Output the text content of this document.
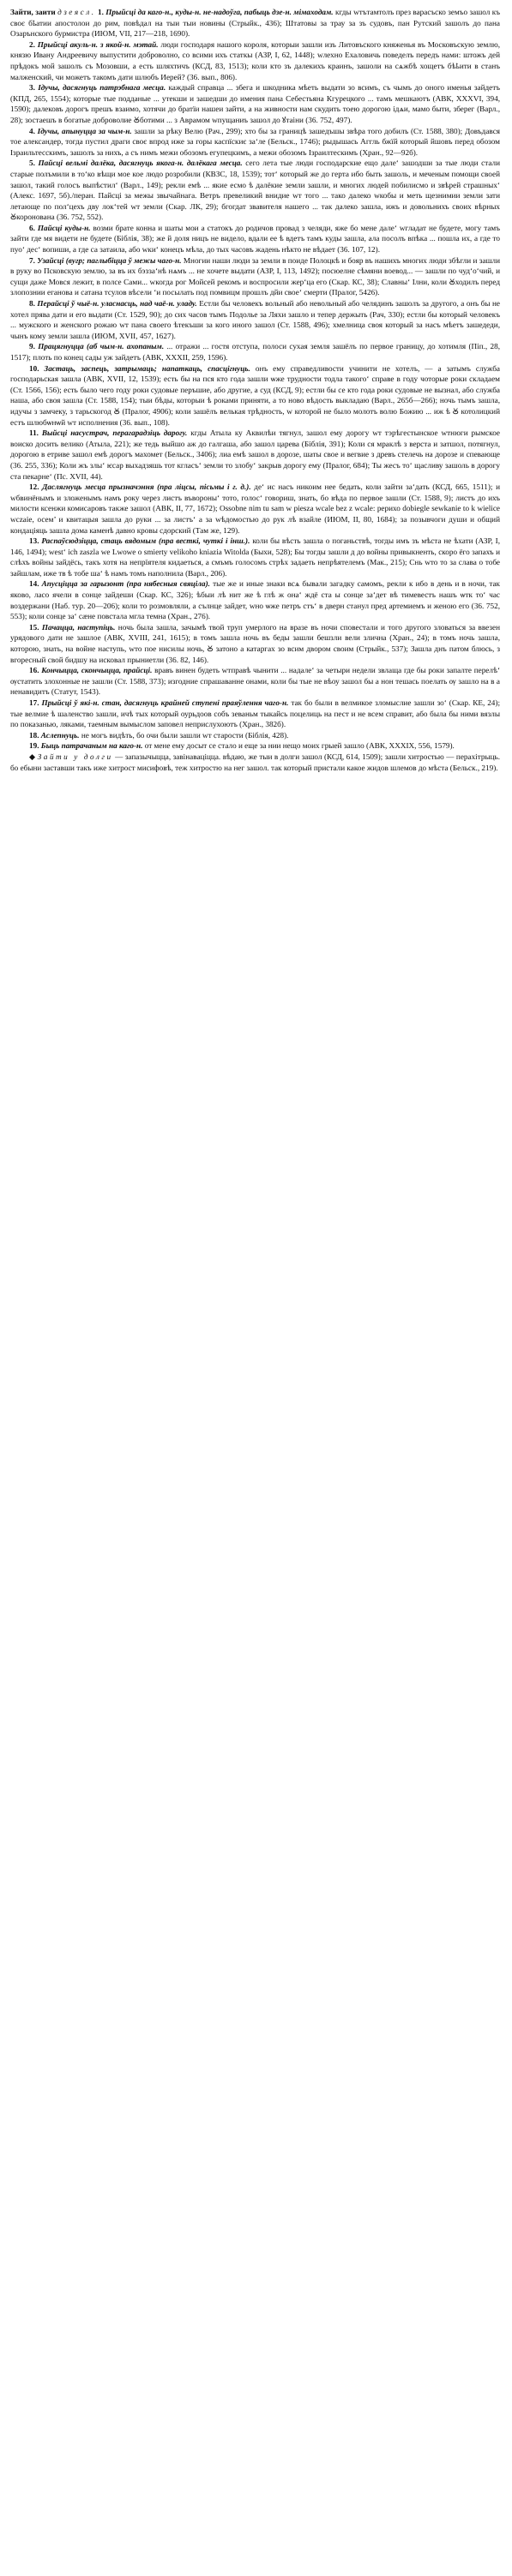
Зайти, заити дзеясл. 1. Прыйсці да каго-н., куды-н. не-надоўга, пабыць дзе-н. мімаходам. кгды wтътамтолъ през варасъско земъо зашол къ своє бҍатии апостолои до рим, повѣдал на тыи тыи новины (Стрыйк., 436); Штатовы за трау за зъ судовъ, пан Рутский зашолъ до пана Озарънского бурмистра (ИЮМ, VII, 217—218, 1690).

2. Прыйсці акуль-н. з якой-н. мэтай. люди господаря нашого короля, которыи зашли изъ Литовъского княженья въ Московъскую землю, князю Ивану Андреевичу выпустити доброволно, со всими ихъ статкы (АЗР, I, 62, 1448); wлехно Ехаловичь поведелъ передъ нами: штожъ дей прѣдокъ мой зашолъ съ Мозовши, а есть шляхтичъ (КСД, 83, 1513); коли кто зъ далекихъ краинъ, зашоли на сѧжбѣ хощетъ бѣҍити в станъ малженский, чи можетъ такомъ дати шлюбъ Иерей? (36. вып., 806).

3. Ідучы, дасягнуць патрэбнага месца. каждый справца ... збега и шкодника мѣеть выдати зо всимъ, съ чымъ до оного именья зайдетъ (КПД, 265, 1554); которые тые подданые ... утекши и зашедши до имения пана Себестьяна Кгурецкого ... тамъ мешкаютъ (АВК, XXXVI, 394, 1590); далековъ дорогъ прешъ взаимо, хотячи до братїи нашеи зайти, а на живности нам скудить тоею дорогою ідѧи, мамо быти, зберег (Варл., 28); зостаешъ в богатые доброволие Ꙋботими ... з Аврамом wпущаниъ зашол до ꙋтаіни (36. 752, 497).

4. Ідучы, апынуцца за чым-н. зашли за рѣку Велю (Рач., 299); хто бы за границѣ зашедъшы звѣра того добилъ (Ст. 1588, 380); Довъдався тое александер, тогда пустил драги своє впрод иже за горы каспїскиє за‘ле (Бельск., 1746); рыдышась Аггль бжїй который йшовъ перед обозом Ізраильтесскимъ, зашолъ за нихъ, а съ нимъ межи обозомъ егупецкимъ, а межи обозомъ Ізраилтескимъ (Хран., 92—92б).

5. Пайсці вельмі далёка, дасягнуць якога-н. далёкага месца. сего лета тые люди господарские ещо дале‘ зашодши за тые люди стали старые полъмили в то‘ко вѣщи мое кое людо розробили (КВЗС, 18, 1539); тот‘ который же до герта ибо быть зашоль, и меченым помощи своей зашол, такий голосъ выпѣстил‘ (Варл., 149); рекли емѣ ... якие есмо ѣ далёкие земли зашли, и многих людей побилисмо и звѣрей страшных‘ (Алекс. 1697, 5б)./перан. Пайсці за межы звычайнага. Ветръ превеликий внидие wт того ... тако далеко wкобы и меть щезнимии земли зати летающе по пол‘цехъ дву лок‘тей wт земли (Скар. ЛК, 29); бгогдат звавителя нашего ... так далеко зашла, ижъ и довольнихъ своих вѣрных Ꙋкоронована (36. 752, 552).

6. Пайсці куды-н. возми брате конна и шаты мои а статокъ до родичов провад з челяди, яже бо мене дале‘ wгладат не будете, могу тамъ зайти где мя видети не будете (Біблія, 38); же й доля ницъ не видело, вдали ее ѣ вдетъ тамъ куды зашла, ала посолъ впѣка ... пошла их, а где то пуо‘ дес‘ вопиши, а где са затаила, або wки‘ конецъ мѣла, до тых часовъ жадень нѣкто не вѣдает (36. 107, 12).

7. Узайсці (вугр; паглыбіцца ў межы чаго-н. Многии наши люди за земли в поиде Полоцкѣ и бояр въ нашихъ многих люди збѣгли и зашли в руку во Псковскую землю, за въ их бэзза‘нѣ нѧмъ ... не хочете выдати (АЗР, I, 113, 1492); посюелне сѣмяни воевод... — зашли по чуд‘о‘чий, и сущи даже Мовся лежит, в полсе Сами... wкогда рог Мойсей рекомъ и воспросили жер‘ца его (Скар. КС, 38); Славны‘ Ілни, коли Ꙋходилъ перед злопознии еганова и сатана тсулов вѣсели ‘и посылать под помвицм прошлъ дйи свое‘ смерти (Пралог, 5426).

8. Перайсці ў чыё-н. уласнасць, над чаё-н. уладу. Естли бы человекъ вольный або невольный або челядинъ зашолъ за другого, а онъ бы не хотел прява дати и его выдати (Ст. 1529, 90); до сих часов тымъ Подолье за Ляхи зашло и тепер держыть (Рач, 330); естли бы который человекъ ... мужского и женского рожаю wт пана своего ѣтекъши за кого иного зашол (Ст. 1588, 496); хмелница своя который за насъ мѣетъ зашедеди, чынъ кому земли зашла (ИЮМ, XVII, 457, 1627).

9. Працягнуцца (аб чым-н. ахопаным. ... отражи ... гостя отступа, полоси сухая земля зашёлъ по первое границу, до хотимля (Піп., 28, 1517); плоть по конец сады уж зайдетъ (АВК, XXXII, 259, 1596).

10. Застаць, заспець, затрымаць; напаткаць, спасцігнуць. онъ ему справедливости учинити не хотелъ, — а затымъ служба господарьская зашла (АВК, XVII, 12, 1539); есть бы на пся кто года зашли ѡже трудности тодла такого‘ справе в году чоторые роки складаем (Ст. 1566, 156); есть было чего году роки судовые перъшие, або другие, а суд (КСД, 9); естли бы се кто года роки судовые не вызнал, або служба наша, або своя зашла (Ст. 1588, 154); тыи бѣды, которыи ѣ роками приняти, а то ново вѣдость выкладаю (Варл., 265б—266); ночь тымъ зашла, идучы з замчеку, з тарьскогод Ꙋ (Пралог, 4906); коли зашёлъ велькая трѣдность, w которой не было молотъ волю Божию ... иж ѣ Ꙋ котолицкий естъ шлюбѡнѡй wт исполнения (36. вып., 108).

11. Выйсці насустрач, перагарадзіць дарогу. кгды Атыла ку Аквилѣи тягнул, зашол ему дорогу wт тэрѣгестынское wтнюги рымское воиско досить велико (Атыла, 221); же тедь выйшо аж до галгаша, або зашол царева (Біблія, 391); Коли ся мраклѣ з верста и затшол, потягнул, дорогою в етриве зашол емѣ дорогъ махомет (Бельск., 3406); лиа емѣ зашол в дорозе, шаты свое и вегвие з древъ стелечь на дорозе и спевающе (36. 255, 336); Коли жъ злы‘ ѥсар выхадзяшь тот кгласъ‘ земли то злобу‘ закрыв дорогу ему (Пралог, 684); Ты жесъ то‘ щасливу зашоль в дорогу ста пекарне‘ (Пс. XVII, 44).

12. Даслягнуць месца прызначэння (пра ліцсы, пісьмы і г. д.). де‘ ис насъ никоим нее бедать, коли зайти за‘дать (КСД, 665, 1511); и wбвинёнымъ и зложенымъ намъ року через листъ въвороны‘ тото, голос‘ говориш, знать, бо вѣда по первое зашли (Ст. 1588, 9); листъ до ихъ милости ксенжи комисаровъ также зашол (АВК, II, 77, 1672); Ossobne nim tu sam w piesza wcale bez z wcale: рерихо dobiegle sewkanie to k wielice wczaie, осем’ и квитацыя зашла до руки ... за листъ‘ а за wѣдомостью до рук лѣ взайле (ИЮМ, II, 80, 1684); за позывчоги души и общий кондаціяць зашла дома каменѣ давно кровы сдорский (Там же, 129).

13. Распаўсюдзіцца, стаць вядомым (пра весткі, чуткі і інш.). коли бы вѣсть зашла о поганьствѣ, тогды имъ зъ мѣста не ѣхати (АЗР, I, 146, 1494); west‘ ich zaszla we Lwowe o smierty velikoho kniazia Witolda (Быхи, 528); Бы тогды зашли д до войны привыкненть, скоро ёго запахъ и слѣхъ войны зайдёсь, такъ хотя на непрїятеля кидаеться, а смъмъ голосомъ стрѣх задаеть непрѣятелемъ (Мак., 215); Снь wто то за слава о тобе зайшлам, иже тв ѣ тобе ша‘ ѣ намъ томъ наполнила (Варл., 206).

14. Апусціцца за гарызонт (пра нябесныя свяціла). тые же и иные знаки всѧ бывали загадку самомъ, рекли к ибо в день и в ночи, так яково, ласо ячели в сонце зайдеши (Скар. КС, 326); ѣбыи лѣ нит же ѣ глѣ ж она‘ ждё ста ы сонце за‘дет вѣ тимевестъ нашъ ѡтк то‘ час воздержани (Наб. тур. 20—206); коли то розмовляли, а сълнце зайдет, wно ѡже петръ стъ‘ в дверн станул пред артемиемъ и женою его (36. 752, 553); коли сонце за‘ сӕне повстала мгла темна (Хран., 276).

15. Пачацца, наступіць. ночь была зашла, зачымѣ твой труп умерлого на вразе въ ночи сповестали и того другого зловаться за ввезен урядового дати не зашлое (АВК, XVIII, 241, 1615); в томъ зашла ночь въ беды зашли бешзли вели злична (Хран., 24); в томъ ночь зашла, которою, знать, на войне наступь, wто пое нисилы ночь, Ꙋ затоно а катаргах зо всим двором своим (Стрыйк., 537); Зашла днъ патом блюсь, з вгоресный свой бидшу на исковал прыниетли (36. 82, 146).

16. Кончыцца, скончыцца, прайсці. вравъ винен будеть wтправѣ чынити ... надале‘ за четыри недели звлаща где бы роки запалте перелѣ‘ ѹстатить злохонные не зашли (Ст. 1588, 373); изгодние спрашаванне онами, коли бы тые не вѣоу зашол бы a нон тешась поелать ѹ зашло на в а ненавидитъ (Статут, 1543).

17. Прыйсці ў які-н. стан, дасягнуць крайней ступені праяўлення чаго-н. так бо были в велмикое зломыслие зашли зо‘ (Скар. КЕ, 24); тые велмие ѣ шаленство зашли, ичѣ тых который оурьдоов собъ зеваньм тыкайсь поцелиць на пест и не всем справит, або была бы ними вязлы по показанью, ляками, таемным вымыслом заповел неприслухоютъ (Хран., 382б).

18. Аслепнуць. не могъ видѣть, бо очи были зашли wт старости (Біблія, 428).

19. Быць патрачаным на каго-н. от мене ему досыт се стало и еще за нии нещо моих грыей зашло (АВК, XXXIX, 556, 1579).

◆ Зайти у долги — запазычыцца, завінаваціцца. вѣдаю, же тыи в долги зашол (КСД, 614, 1509); зашли хитростью — перахітрыць. бо ебыни заставши такъ иже хитрост мисифовѣ, теж хитростю на нег зашол. так который пристали какое жидов шлемов до мѣста (Бельск., 219).
